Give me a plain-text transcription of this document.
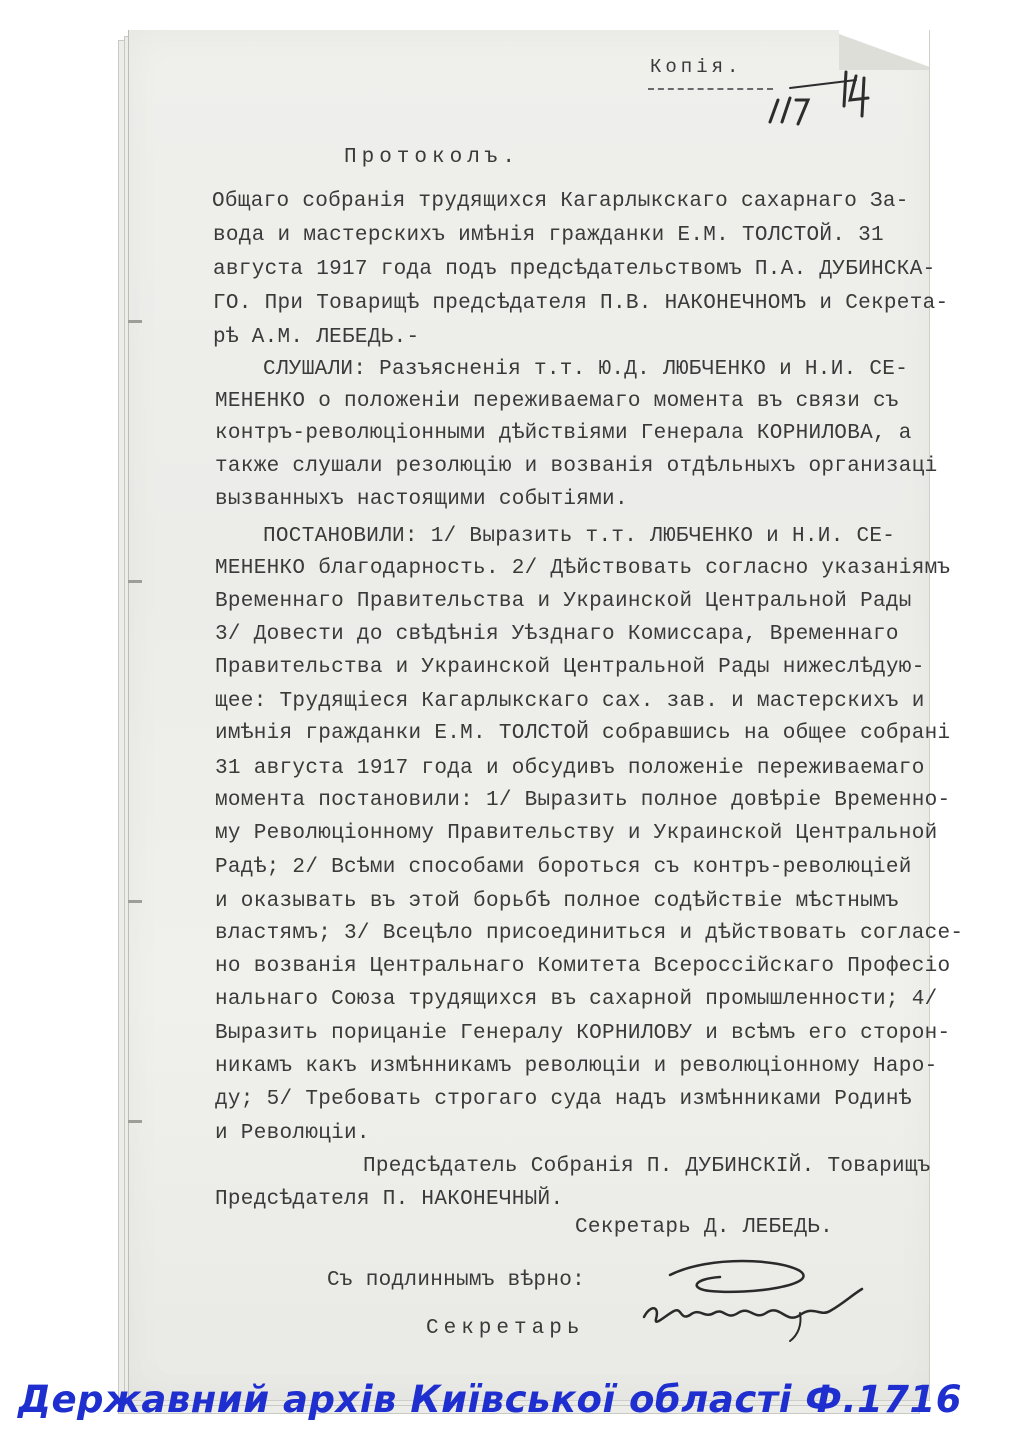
Копія.
Протоколъ.
Общаго собранія трудящихся Кагарлыкскаго сахарнаго За-
вода и мастерскихъ имѣнія гражданки Е.М. ТОЛСТОЙ. 31
августа 1917 года подъ предсѣдательствомъ П.А. ДУБИНСКА-
ГО. При Товарищѣ предсѣдателя П.В. НАКОНЕЧНОМЪ и Секрета-
рѣ А.М. ЛЕБЕДЬ.-
СЛУШАЛИ: Разъясненія т.т. Ю.Д. ЛЮБЧЕНКО и Н.И. СЕ-
МЕНЕНКО о положеніи переживаемаго момента въ связи съ
контръ-революціонными дѣйствіями Генерала КОРНИЛОВА, а
также слушали резолюцію и возванія отдѣльныхъ организаці
вызванныхъ настоящими событіями.
ПОСТАНОВИЛИ: 1/ Выразить т.т. ЛЮБЧЕНКО и Н.И. СЕ-
МЕНЕНКО благодарность. 2/ Дѣйствовать согласно указаніямъ
Временнаго Правительства и Украинской Центральной Рады
3/ Довести до свѣдѣнія Уѣзднаго Комиссара, Временнаго
Правительства и Украинской Центральной Рады нижеслѣдую-
щее: Трудящіеся Кагарлыкскаго сах. зав. и мастерскихъ и
имѣнія гражданки Е.М. ТОЛСТОЙ собравшись на общее собрані
31 августа 1917 года и обсудивъ положеніе переживаемаго
момента постановили: 1/ Выразить полное довѣріе Временно-
му Революціонному Правительству и Украинской Центральной
Радѣ; 2/ Всѣми способами бороться съ контръ-революціей
и оказывать въ этой борьбѣ полное содѣйствіе мѣстнымъ
властямъ; 3/ Всецѣло присоединиться и дѣйствовать согласе-
но возванія Центральнаго Комитета Всероссійскаго Професіо
нальнаго Союза трудящихся въ сахарной промышленности; 4/
Выразить порицаніе Генералу КОРНИЛОВУ и всѣмъ его сторон-
никамъ какъ измѣнникамъ революціи и революціонному Наро-
ду; 5/ Требовать строгаго суда надъ измѣнниками Родинѣ
и Революціи.
Предсѣдатель Собранія П. ДУБИНСКІЙ. Товарищъ
Предсѣдателя П. НАКОНЕЧНЫЙ.
Секретарь Д. ЛЕБЕДЬ.
Съ подлиннымъ вѣрно:
Секретарь
Державний архів Київської області Ф.1716
